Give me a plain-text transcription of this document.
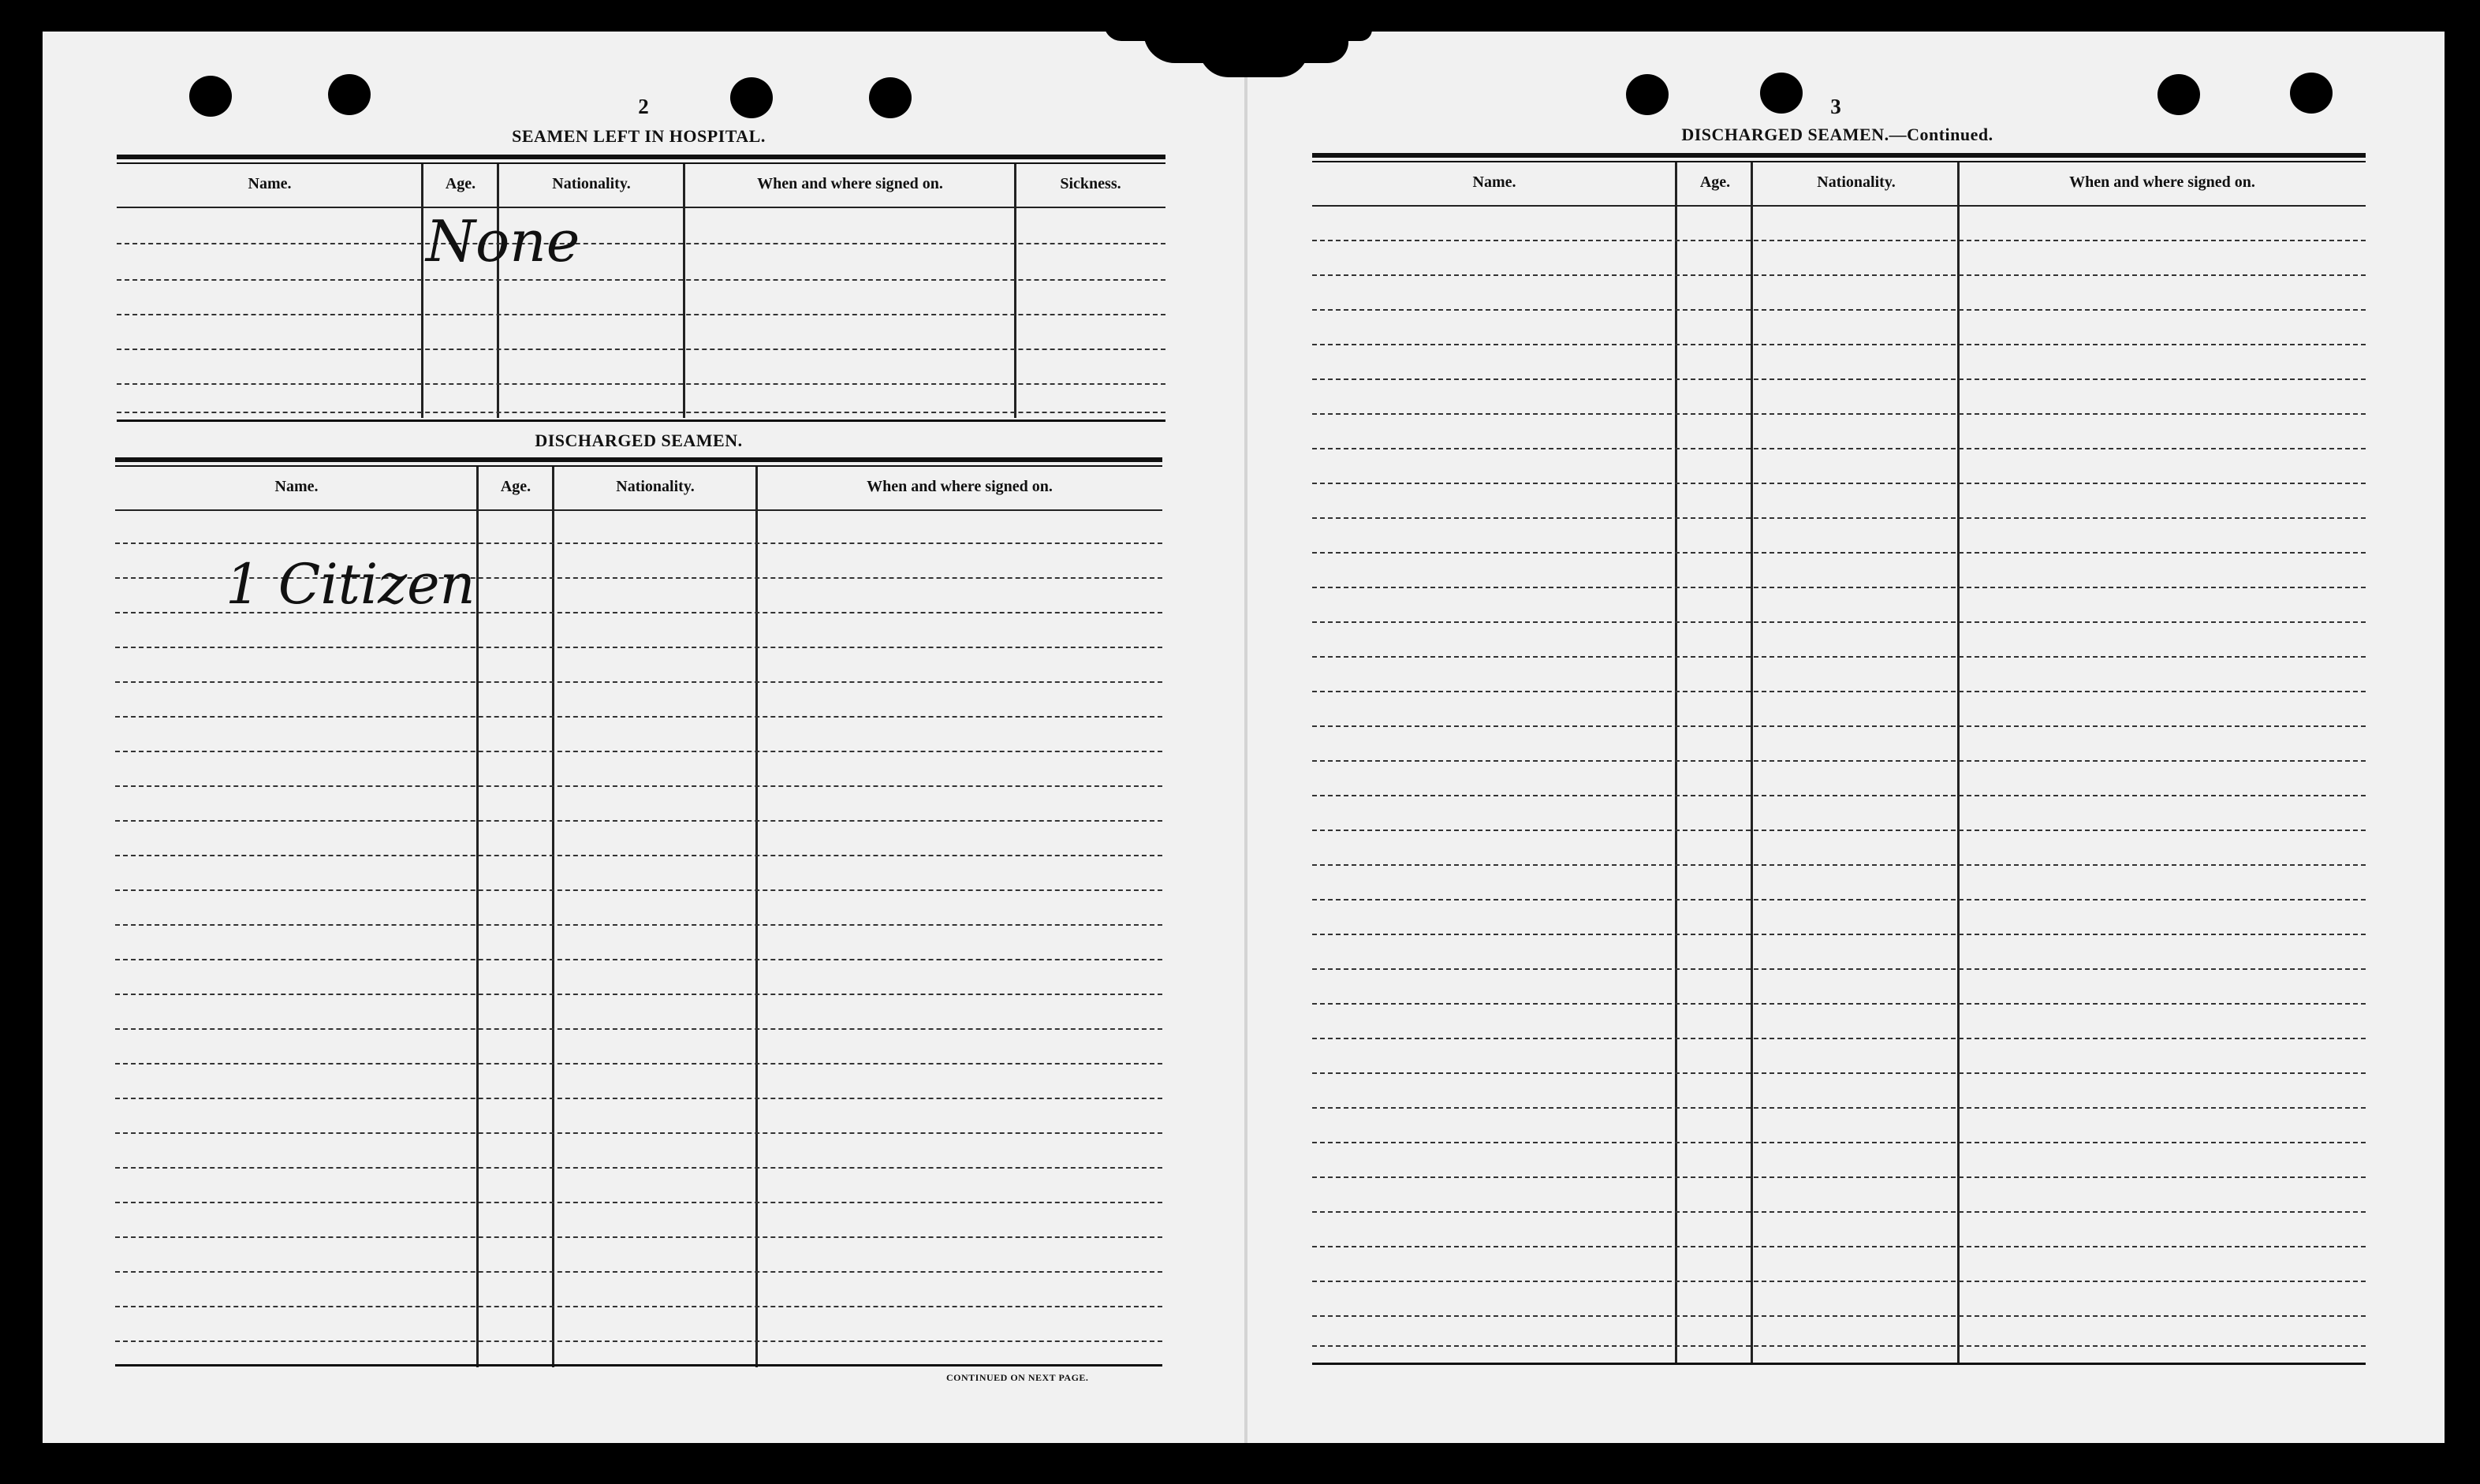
2
SEAMEN LEFT IN HOSPITAL.
Name.	Age.	Nationality.	When and where signed on.	Sickness.
None
DISCHARGED SEAMEN.
Name.	Age.	Nationality.	When and where signed on.
1 Citizen
CONTINUED ON NEXT PAGE.
3
DISCHARGED SEAMEN.—Continued.
Name.	Age.	Nationality.	When and where signed on.
